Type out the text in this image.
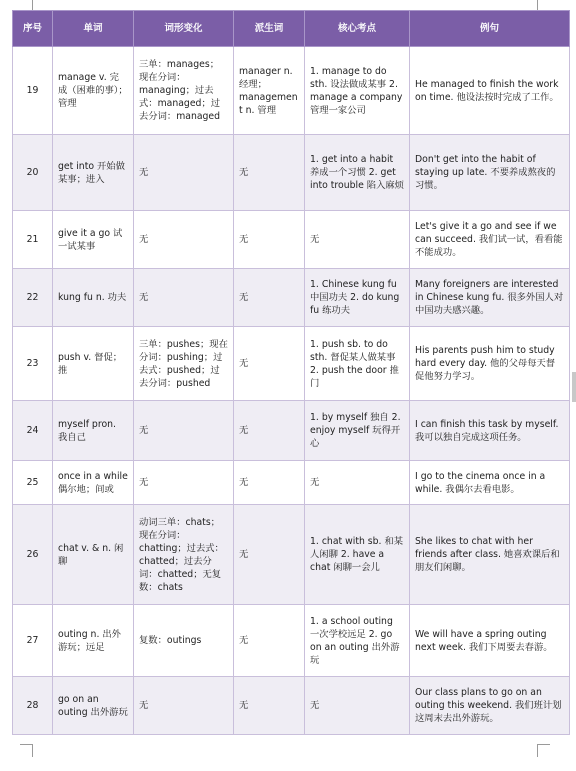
序号	单词	词形变化	派生词	核心考点	例句
19	manage v. 完成（困难的事）；管理	三单：manages；现在分词：managing；过去式：managed；过去分词：managed	manager n. 经理；management n. 管理	1. manage to do sth. 设法做成某事 2. manage a company 管理一家公司	He managed to finish the work on time. 他设法按时完成了工作。
20	get into 开始做某事；进入	无	无	1. get into a habit 养成一个习惯 2. get into trouble 陷入麻烦	Don't get into the habit of staying up late. 不要养成熬夜的习惯。
21	give it a go 试一试某事	无	无	无	Let's give it a go and see if we can succeed. 我们试一试，看看能不能成功。
22	kung fu n. 功夫	无	无	1. Chinese kung fu 中国功夫 2. do kung fu 练功夫	Many foreigners are interested in Chinese kung fu. 很多外国人对中国功夫感兴趣。
23	push v. 督促；推	三单：pushes；现在分词：pushing；过去式：pushed；过去分词：pushed	无	1. push sb. to do sth. 督促某人做某事 2. push the door 推门	His parents push him to study hard every day. 他的父母每天督促他努力学习。
24	myself pron. 我自己	无	无	1. by myself 独自 2. enjoy myself 玩得开心	I can finish this task by myself. 我可以独自完成这项任务。
25	once in a while 偶尔地；间或	无	无	无	I go to the cinema once in a while. 我偶尔去看电影。
26	chat v. & n. 闲聊	动词三单：chats；现在分词：chatting；过去式：chatted；过去分词：chatted；无复数：chats	无	1. chat with sb. 和某人闲聊 2. have a chat 闲聊一会儿	She likes to chat with her friends after class. 她喜欢课后和朋友们闲聊。
27	outing n. 出外游玩；远足	复数：outings	无	1. a school outing 一次学校远足 2. go on an outing 出外游玩	We will have a spring outing next week. 我们下周要去春游。
28	go on an outing 出外游玩	无	无	无	Our class plans to go on an outing this weekend. 我们班计划这周末去出外游玩。
